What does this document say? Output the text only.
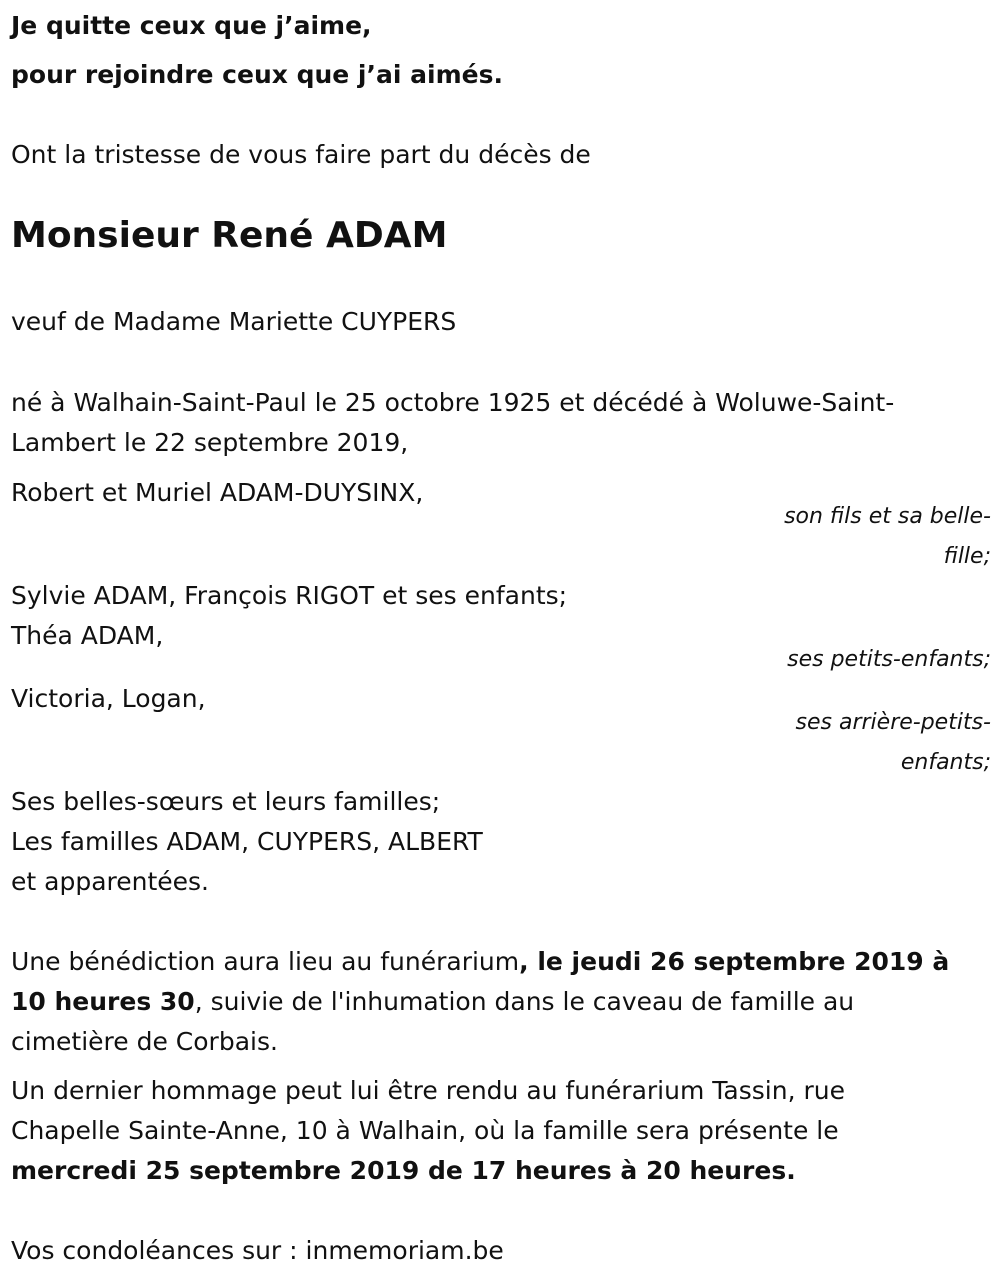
Je quitte ceux que j’aime,

pour rejoindre ceux que j’ai aimés.

Ont la tristesse de vous faire part du décès de

Monsieur René ADAM

veuf de Madame Mariette CUYPERS

né à Walhain-Saint-Paul le 25 octobre 1925 et décédé à Woluwe-Saint-

Lambert le 22 septembre 2019,

Robert et Muriel ADAM-DUYSINX,

son fils et sa belle-

fille;

Sylvie ADAM, François RIGOT et ses enfants;

Théa ADAM,

ses petits-enfants;

Victoria, Logan,

ses arrière-petits-

enfants;

Ses belles-sœurs et leurs familles;

Les familles ADAM, CUYPERS, ALBERT

et apparentées.

Une bénédiction aura lieu au funérarium, le jeudi 26 septembre 2019 à

10 heures 30, suivie de l'inhumation dans le caveau de famille au

cimetière de Corbais.

Un dernier hommage peut lui être rendu au funérarium Tassin, rue

Chapelle Sainte-Anne, 10 à Walhain, où la famille sera présente le

mercredi 25 septembre 2019 de 17 heures à 20 heures.

Vos condoléances sur : inmemoriam.be
